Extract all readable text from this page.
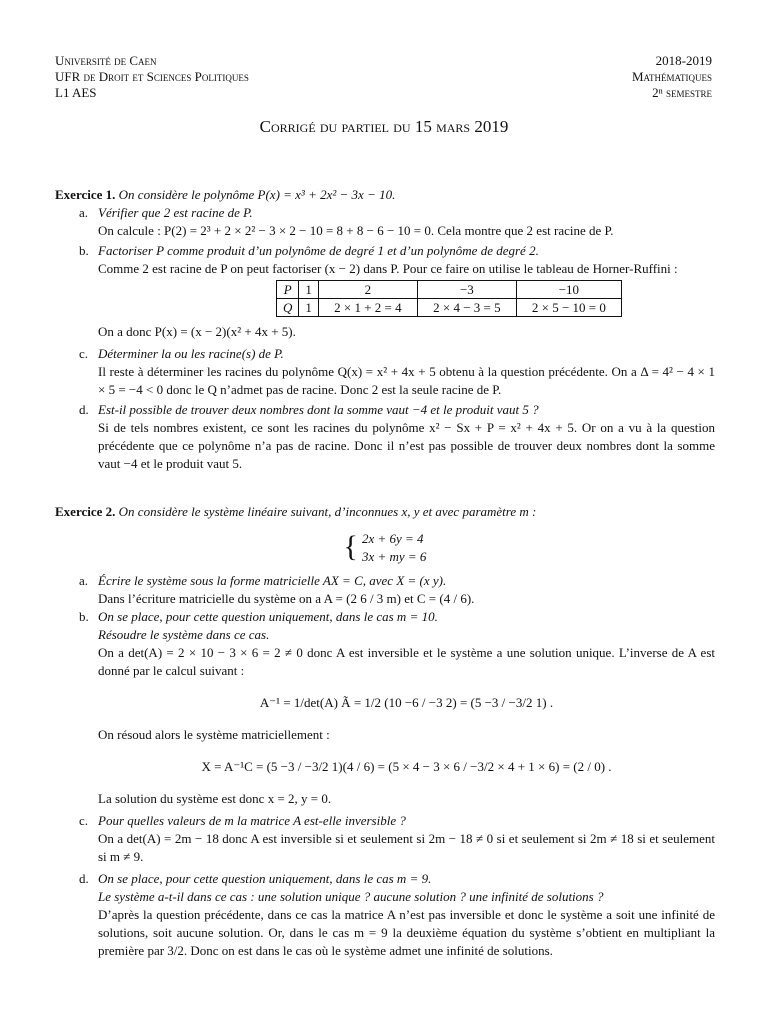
Université de Caen
UFR de Droit et Sciences Politiques
L1 AES
2018-2019
Mathématiques
2ⁿ semestre
Corrigé du partiel du 15 mars 2019
Exercice 1. On considère le polynôme P(x) = x³ + 2x² − 3x − 10.
a. Vérifier que 2 est racine de P.
On calcule : P(2) = 2³ + 2 × 2² − 3 × 2 − 10 = 8 + 8 − 6 − 10 = 0. Cela montre que 2 est racine de P.
b. Factoriser P comme produit d’un polynôme de degré 1 et d’un polynôme de degré 2.
Comme 2 est racine de P on peut factoriser (x − 2) dans P. Pour ce faire on utilise le tableau de Horner-Ruffini :
P	1	2	−3	−10
Q	1	2 × 1 + 2 = 4	2 × 4 − 3 = 5	2 × 5 − 10 = 0
On a donc P(x) = (x − 2)(x² + 4x + 5).
c. Déterminer la ou les racine(s) de P.
Il reste à déterminer les racines du polynôme Q(x) = x² + 4x + 5 obtenu à la question précédente. On a Δ = 4² − 4 × 1 × 5 = −4 < 0 donc le Q n’admet pas de racine. Donc 2 est la seule racine de P.
d. Est-il possible de trouver deux nombres dont la somme vaut −4 et le produit vaut 5 ?
Si de tels nombres existent, ce sont les racines du polynôme x² − Sx + P = x² + 4x + 5. Or on a vu à la question précédente que ce polynôme n’a pas de racine. Donc il n’est pas possible de trouver deux nombres dont la somme vaut −4 et le produit vaut 5.
Exercice 2. On considère le système linéaire suivant, d’inconnues x, y et avec paramètre m :
{ 2x + 6y = 4
3x + my = 6
a. Écrire le système sous la forme matricielle AX = C, avec X = (x y).
Dans l’écriture matricielle du système on a A = (2 6 / 3 m) et C = (4 / 6).
b. On se place, pour cette question uniquement, dans le cas m = 10.
Résoudre le système dans ce cas.
On a det(A) = 2 × 10 − 3 × 6 = 2 ≠ 0 donc A est inversible et le système a une solution unique. L’inverse de A est donné par le calcul suivant :
A⁻¹ = 1/det(A) Ã = 1/2 (10 −6 / −3 2) = (5 −3 / −3/2 1) .
On résoud alors le système matriciellement :
X = A⁻¹C = (5 −3 / −3/2 1)(4 / 6) = (5 × 4 − 3 × 6 / −3/2 × 4 + 1 × 6) = (2 / 0) .
La solution du système est donc x = 2, y = 0.
c. Pour quelles valeurs de m la matrice A est-elle inversible ?
On a det(A) = 2m − 18 donc A est inversible si et seulement si 2m − 18 ≠ 0 si et seulement si 2m ≠ 18 si et seulement si m ≠ 9.
d. On se place, pour cette question uniquement, dans le cas m = 9.
Le système a-t-il dans ce cas : une solution unique ? aucune solution ? une infinité de solutions ?
D’après la question précédente, dans ce cas la matrice A n’est pas inversible et donc le système a soit une infinité de solutions, soit aucune solution. Or, dans le cas m = 9 la deuxième équation du système s’obtient en multipliant la première par 3/2. Donc on est dans le cas où le système admet une infinité de solutions.
